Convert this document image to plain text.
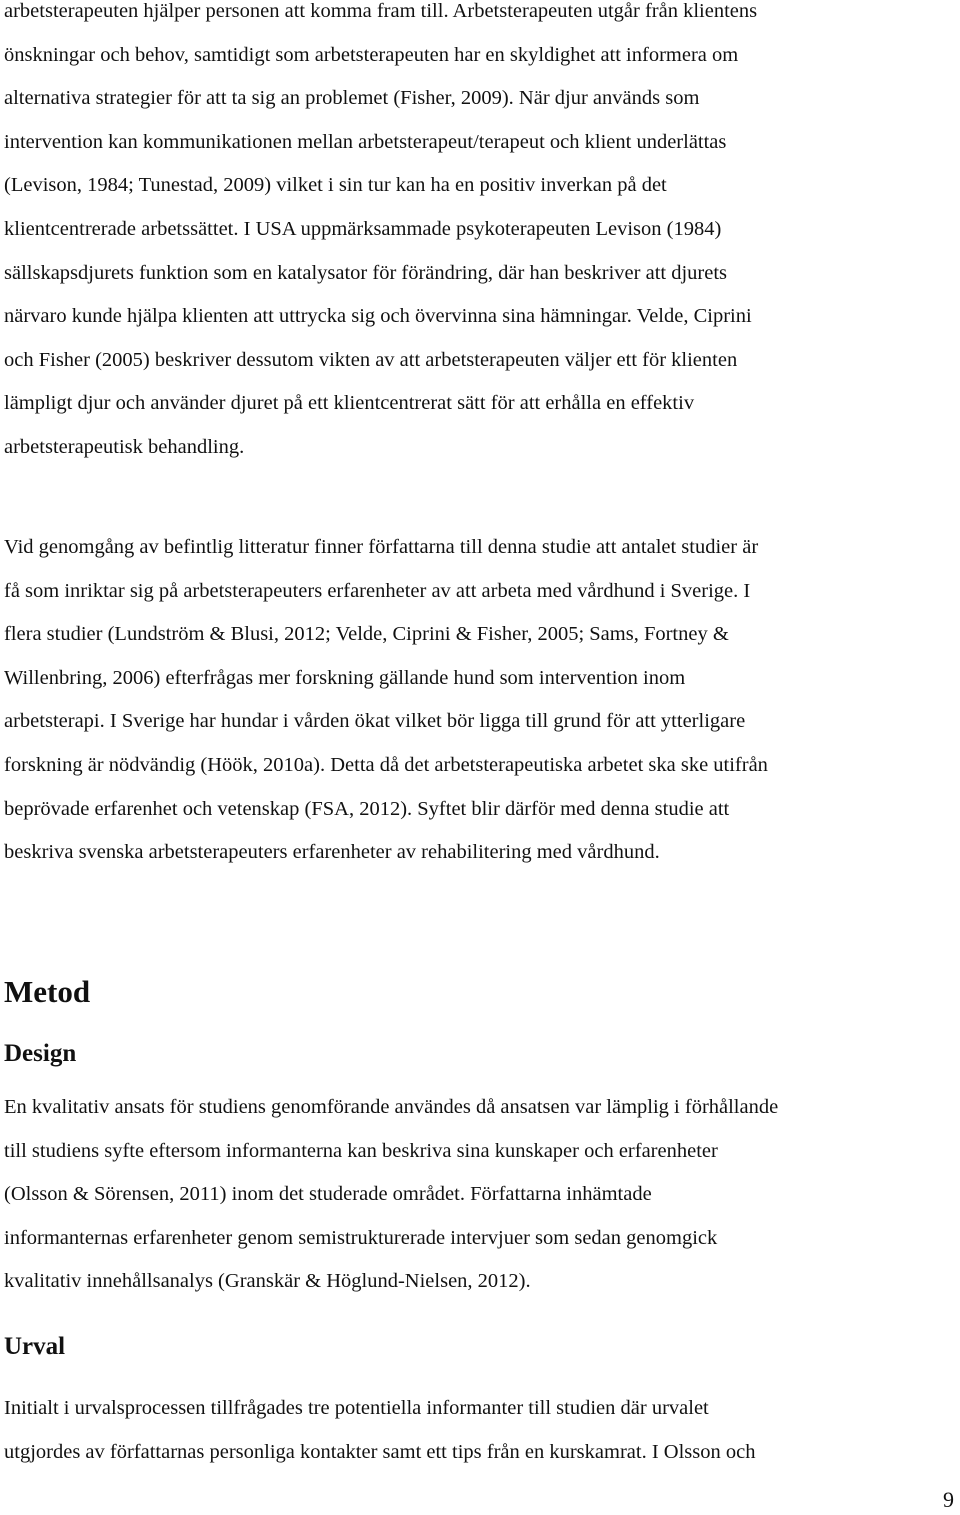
arbetsterapeuten hjälper personen att komma fram till. Arbetsterapeuten utgår från klientens
önskningar och behov, samtidigt som arbetsterapeuten har en skyldighet att informera om
alternativa strategier för att ta sig an problemet (Fisher, 2009). När djur används som
intervention kan kommunikationen mellan arbetsterapeut/terapeut och klient underlättas
(Levison, 1984; Tunestad, 2009) vilket i sin tur kan ha en positiv inverkan på det
klientcentrerade arbetssättet. I USA uppmärksammade psykoterapeuten Levison (1984)
sällskapsdjurets funktion som en katalysator för förändring, där han beskriver att djurets
närvaro kunde hjälpa klienten att uttrycka sig och övervinna sina hämningar. Velde, Ciprini
och Fisher (2005) beskriver dessutom vikten av att arbetsterapeuten väljer ett för klienten
lämpligt djur och använder djuret på ett klientcentrerat sätt för att erhålla en effektiv
arbetsterapeutisk behandling.

Vid genomgång av befintlig litteratur finner författarna till denna studie att antalet studier är
få som inriktar sig på arbetsterapeuters erfarenheter av att arbeta med vårdhund i Sverige. I
flera studier (Lundström & Blusi, 2012; Velde, Ciprini & Fisher, 2005; Sams, Fortney &
Willenbring, 2006) efterfrågas mer forskning gällande hund som intervention inom
arbetsterapi. I Sverige har hundar i vården ökat vilket bör ligga till grund för att ytterligare
forskning är nödvändig (Höök, 2010a). Detta då det arbetsterapeutiska arbetet ska ske utifrån
beprövade erfarenhet och vetenskap (FSA, 2012). Syftet blir därför med denna studie att
beskriva svenska arbetsterapeuters erfarenheter av rehabilitering med vårdhund.

Metod
Design

En kvalitativ ansats för studiens genomförande användes då ansatsen var lämplig i förhållande
till studiens syfte eftersom informanterna kan beskriva sina kunskaper och erfarenheter
(Olsson & Sörensen, 2011) inom det studerade området. Författarna inhämtade
informanternas erfarenheter genom semistrukturerade intervjuer som sedan genomgick
kvalitativ innehållsanalys (Granskär & Höglund-Nielsen, 2012).

Urval

Initialt i urvalsprocessen tillfrågades tre potentiella informanter till studien där urvalet
utgjordes av författarnas personliga kontakter samt ett tips från en kurskamrat. I Olsson och

9
